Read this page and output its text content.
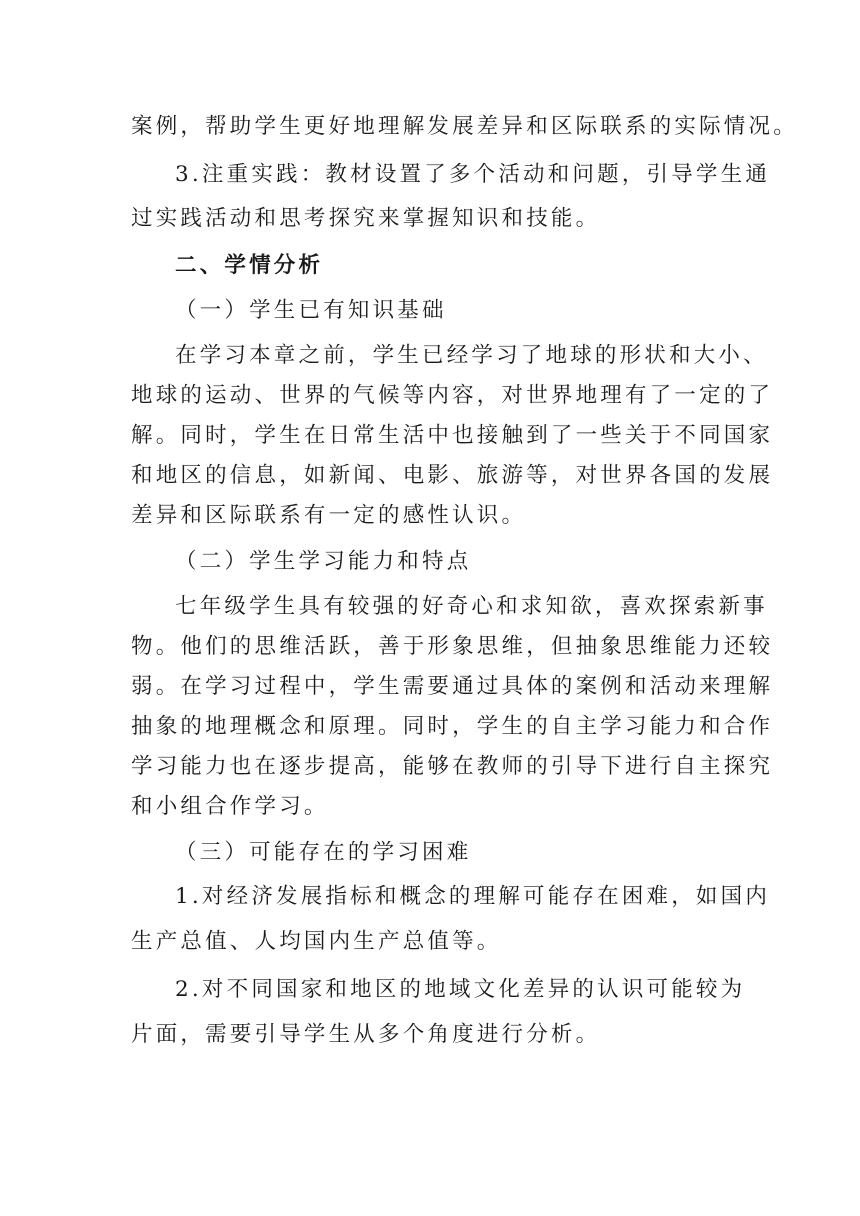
案例，帮助学生更好地理解发展差异和区际联系的实际情况。
3.注重实践：教材设置了多个活动和问题，引导学生通
过实践活动和思考探究来掌握知识和技能。
二、学情分析
（一）学生已有知识基础
在学习本章之前，学生已经学习了地球的形状和大小、
地球的运动、世界的气候等内容，对世界地理有了一定的了
解。同时，学生在日常生活中也接触到了一些关于不同国家
和地区的信息，如新闻、电影、旅游等，对世界各国的发展
差异和区际联系有一定的感性认识。
（二）学生学习能力和特点
七年级学生具有较强的好奇心和求知欲，喜欢探索新事
物。他们的思维活跃，善于形象思维，但抽象思维能力还较
弱。在学习过程中，学生需要通过具体的案例和活动来理解
抽象的地理概念和原理。同时，学生的自主学习能力和合作
学习能力也在逐步提高，能够在教师的引导下进行自主探究
和小组合作学习。
（三）可能存在的学习困难
1.对经济发展指标和概念的理解可能存在困难，如国内
生产总值、人均国内生产总值等。
2.对不同国家和地区的地域文化差异的认识可能较为
片面，需要引导学生从多个角度进行分析。
